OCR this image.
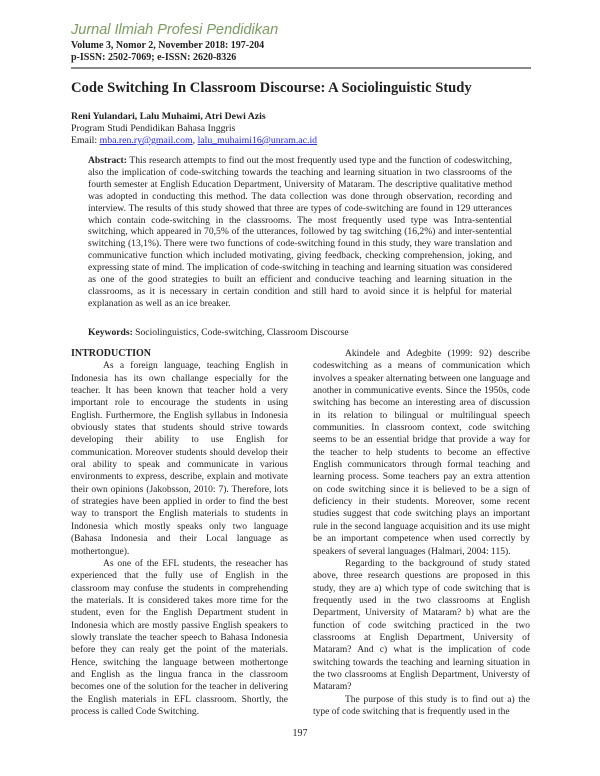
Jurnal Ilmiah Profesi Pendidikan
Volume 3, Nomor 2, November 2018: 197-204
p-ISSN: 2502-7069; e-ISSN: 2620-8326
Code Switching In Classroom Discourse: A Sociolinguistic Study
Reni Yulandari, Lalu Muhaimi, Atri Dewi Azis
Program Studi Pendidikan Bahasa Inggris
Email: mba.ren.ry@gmail.com, lalu_muhaimi16@unram.ac.id
Abstract: This research attempts to find out the most frequently used type and the function of codeswitching, also the implication of code-switching towards the teaching and learning situation in two classrooms of the fourth semester at English Education Department, University of Mataram. The descriptive qualitative method was adopted in conducting this method. The data collection was done through observation, recording and interview. The results of this study showed that three are types of code-switching are found in 129 utterances which contain code-switching in the classrooms. The most frequently used type was Intra-sentential switching, which appeared in 70,5% of the utterances, followed by tag switching (16,2%) and inter-sentential switching (13,1%). There were two functions of code-switching found in this study, they ware translation and communicative function which included motivating, giving feedback, checking comprehension, joking, and expressing state of mind. The implication of code-switching in teaching and learning situation was considered as one of the good strategies to built an efficient and conducive teaching and learning situation in the classrooms, as it is necessary in certain condition and still hard to avoid since it is helpful for material explanation as well as an ice breaker.
Keywords: Sociolinguistics, Code-switching, Classroom Discourse
INTRODUCTION

As a foreign language, teaching English in Indonesia has its own challange especially for the teacher. It has been known that teacher hold a very important role to encourage the students in using English. Furthermore, the English syllabus in Indonesia obviously states that students should strive towards developing their ability to use English for communication. Moreover students should develop their oral ability to speak and communicate in various environments to express, describe, explain and motivate their own opinions (Jakobsson, 2010: 7). Therefore, lots of strategies have been applied in order to find the best way to transport the English materials to students in Indonesia which mostly speaks only two language (Bahasa Indonesia and their Local language as mothertongue).

As one of the EFL students, the reseacher has experienced that the fully use of English in the classroom may confuse the students in comprehending the materials. It is considered takes more time for the student, even for the English Department student in Indonesia which are mostly passive English speakers to slowly translate the teacher speech to Bahasa Indonesia before they can realy get the point of the materials. Hence, switching the language between mothertonge and English as the lingua franca in the classroom becomes one of the solution for the teacher in delivering the English materials in EFL classroom. Shortly, the process is called Code Switching.

Akindele and Adegbite (1999: 92) describe codeswitching as a means of communication which involves a speaker alternating between one language and another in communicative events. Since the 1950s, code switching has become an interesting area of discussion in its relation to bilingual or multilingual speech communities. In classroom context, code switching seems to be an essential bridge that provide a way for the teacher to help students to become an effective English communicators through formal teaching and learning process. Some teachers pay an extra attention on code switching since it is believed to be a sign of deficiency in their students. Moreover, some recent studies suggest that code switching plays an important rule in the second language acquisition and its use might be an important competence when used correctly by speakers of several languages (Halmari, 2004: 115).

Regarding to the background of study stated above, three research questions are proposed in this study, they are a) which type of code switching that is frequently used in the two classrooms at English Department, University of Mataram? b) what are the function of code switching practiced in the two classrooms at English Department, University of Mataram? And c) what is the implication of code switching towards the teaching and learning situation in the two classrooms at English Department, Universty of Mataram?

The purpose of this study is to find out a) the type of code switching that is frequently used in the

197
